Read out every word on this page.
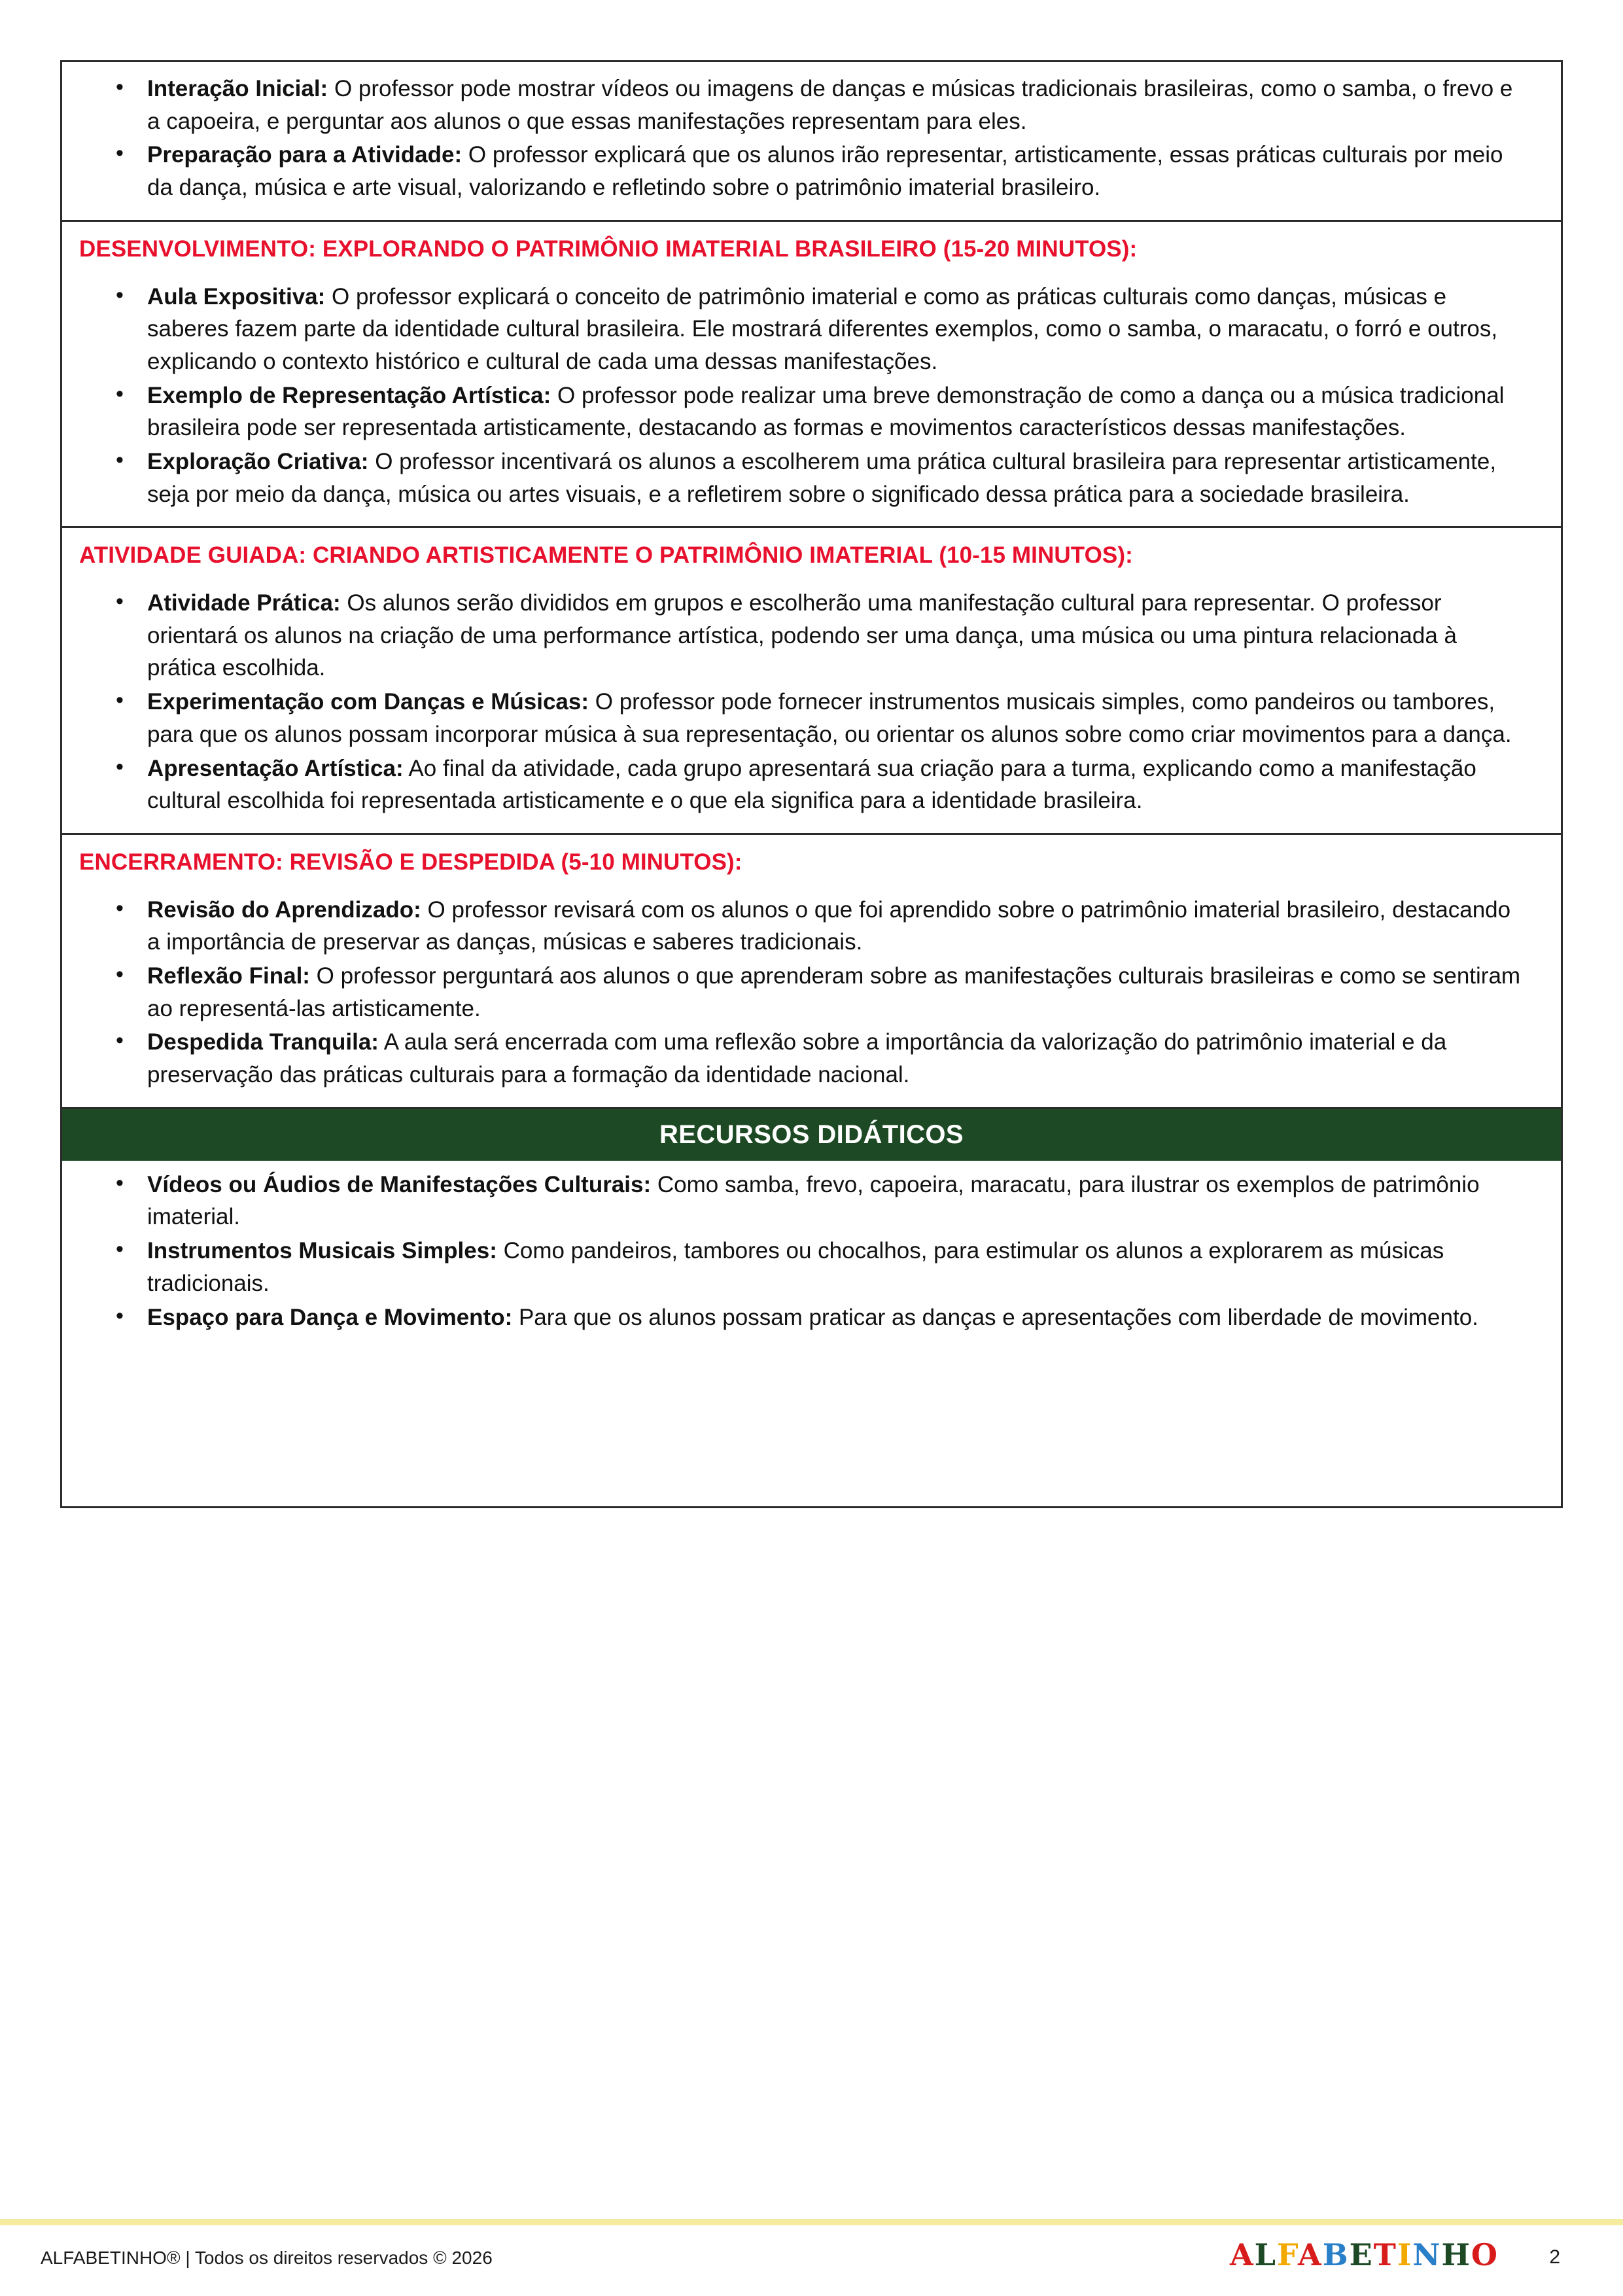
• Interação Inicial: O professor pode mostrar vídeos ou imagens de danças e músicas tradicionais brasileiras, como o samba, o frevo e a capoeira, e perguntar aos alunos o que essas manifestações representam para eles.
• Preparação para a Atividade: O professor explicará que os alunos irão representar, artisticamente, essas práticas culturais por meio da dança, música e arte visual, valorizando e refletindo sobre o patrimônio imaterial brasileiro.
DESENVOLVIMENTO: EXPLORANDO O PATRIMÔNIO IMATERIAL BRASILEIRO (15-20 MINUTOS):
• Aula Expositiva: O professor explicará o conceito de patrimônio imaterial e como as práticas culturais como danças, músicas e saberes fazem parte da identidade cultural brasileira. Ele mostrará diferentes exemplos, como o samba, o maracatu, o forró e outros, explicando o contexto histórico e cultural de cada uma dessas manifestações.
• Exemplo de Representação Artística: O professor pode realizar uma breve demonstração de como a dança ou a música tradicional brasileira pode ser representada artisticamente, destacando as formas e movimentos característicos dessas manifestações.
• Exploração Criativa: O professor incentivará os alunos a escolherem uma prática cultural brasileira para representar artisticamente, seja por meio da dança, música ou artes visuais, e a refletirem sobre o significado dessa prática para a sociedade brasileira.
ATIVIDADE GUIADA: CRIANDO ARTISTICAMENTE O PATRIMÔNIO IMATERIAL (10-15 MINUTOS):
• Atividade Prática: Os alunos serão divididos em grupos e escolherão uma manifestação cultural para representar. O professor orientará os alunos na criação de uma performance artística, podendo ser uma dança, uma música ou uma pintura relacionada à prática escolhida.
• Experimentação com Danças e Músicas: O professor pode fornecer instrumentos musicais simples, como pandeiros ou tambores, para que os alunos possam incorporar música à sua representação, ou orientar os alunos sobre como criar movimentos para a dança.
• Apresentação Artística: Ao final da atividade, cada grupo apresentará sua criação para a turma, explicando como a manifestação cultural escolhida foi representada artisticamente e o que ela significa para a identidade brasileira.
ENCERRAMENTO: REVISÃO E DESPEDIDA (5-10 MINUTOS):
• Revisão do Aprendizado: O professor revisará com os alunos o que foi aprendido sobre o patrimônio imaterial brasileiro, destacando a importância de preservar as danças, músicas e saberes tradicionais.
• Reflexão Final: O professor perguntará aos alunos o que aprenderam sobre as manifestações culturais brasileiras e como se sentiram ao representá-las artisticamente.
• Despedida Tranquila: A aula será encerrada com uma reflexão sobre a importância da valorização do patrimônio imaterial e da preservação das práticas culturais para a formação da identidade nacional.
RECURSOS DIDÁTICOS
• Vídeos ou Áudios de Manifestações Culturais: Como samba, frevo, capoeira, maracatu, para ilustrar os exemplos de patrimônio imaterial.
• Instrumentos Musicais Simples: Como pandeiros, tambores ou chocalhos, para estimular os alunos a explorarem as músicas tradicionais.
• Espaço para Dança e Movimento: Para que os alunos possam praticar as danças e apresentações com liberdade de movimento.
ALFABETINHO® | Todos os direitos reservados © 2026	ALFABETINHO	2
